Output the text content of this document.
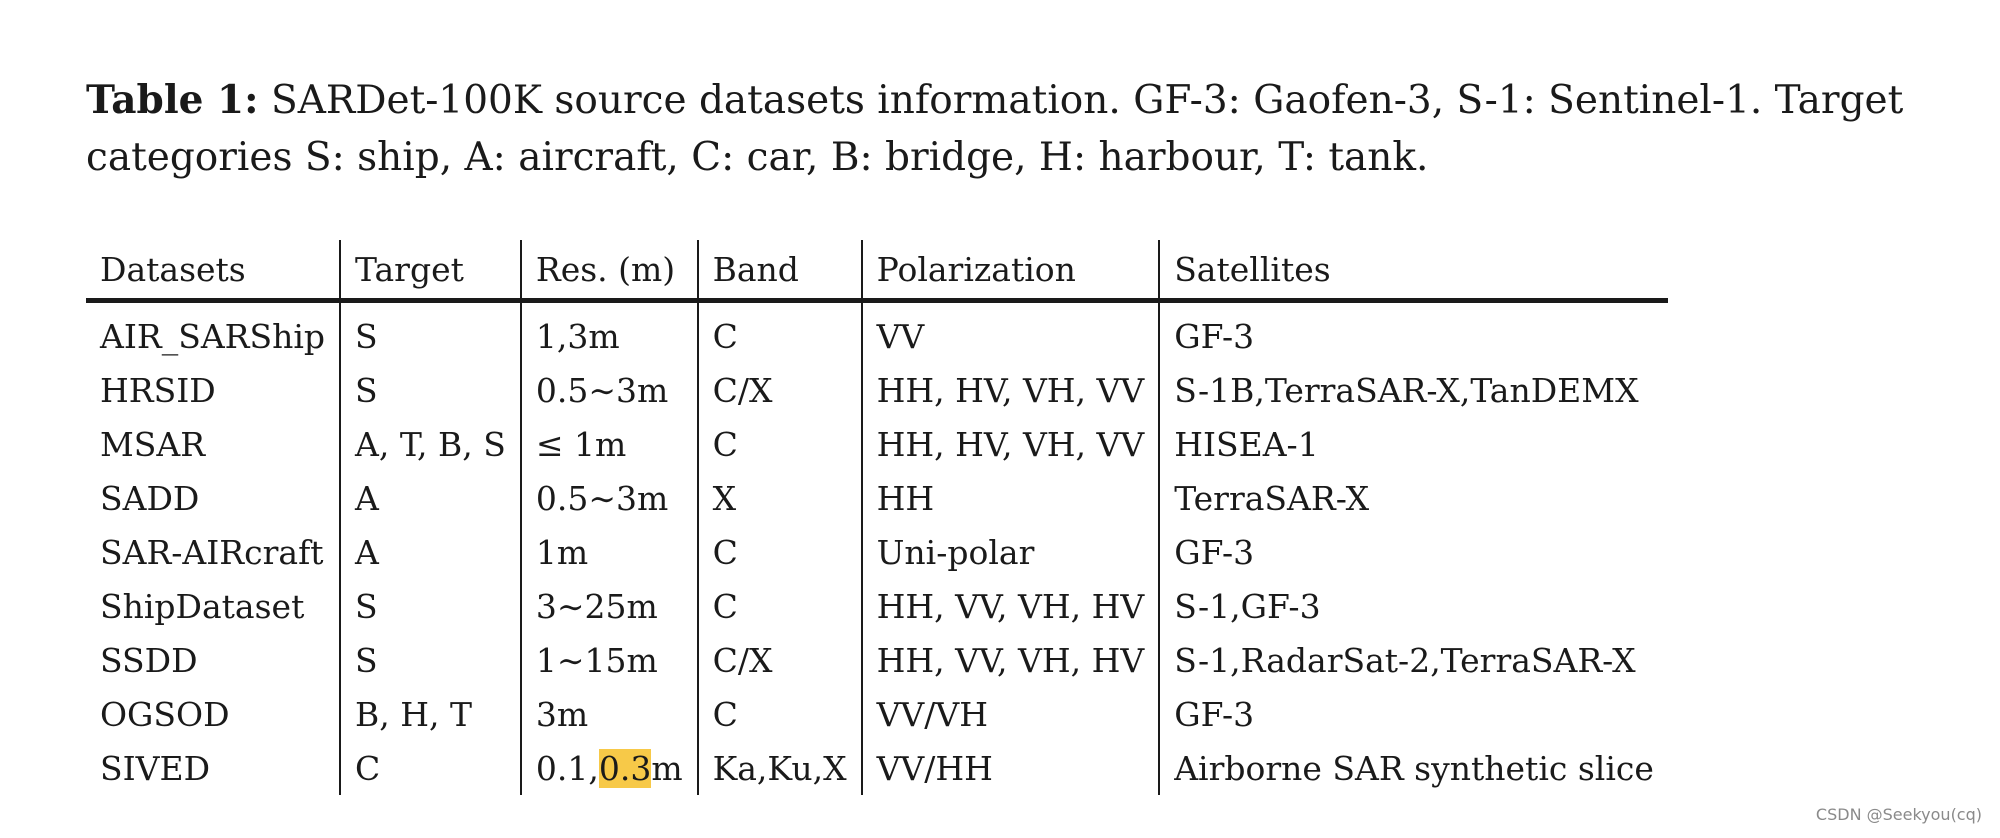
Table 1: SARDet-100K source datasets information. GF-3: Gaofen-3, S-1: Sentinel-1. Target categories S: ship, A: aircraft, C: car, B: bridge, H: harbour, T: tank.

Datasets	Target	Res. (m)	Band	Polarization	Satellites
AIR_SARShip	S	1,3m	C	VV	GF-3
HRSID	S	0.5∼3m	C/X	HH, HV, VH, VV	S-1B,TerraSAR-X,TanDEMX
MSAR	A, T, B, S	≤ 1m	C	HH, HV, VH, VV	HISEA-1
SADD	A	0.5∼3m	X	HH	TerraSAR-X
SAR-AIRcraft	A	1m	C	Uni-polar	GF-3
ShipDataset	S	3∼25m	C	HH, VV, VH, HV	S-1,GF-3
SSDD	S	1∼15m	C/X	HH, VV, VH, HV	S-1,RadarSat-2,TerraSAR-X
OGSOD	B, H, T	3m	C	VV/VH	GF-3
SIVED	C	0.1,0.3m	Ka,Ku,X	VV/HH	Airborne SAR synthetic slice
CSDN @Seekyou(cq)
